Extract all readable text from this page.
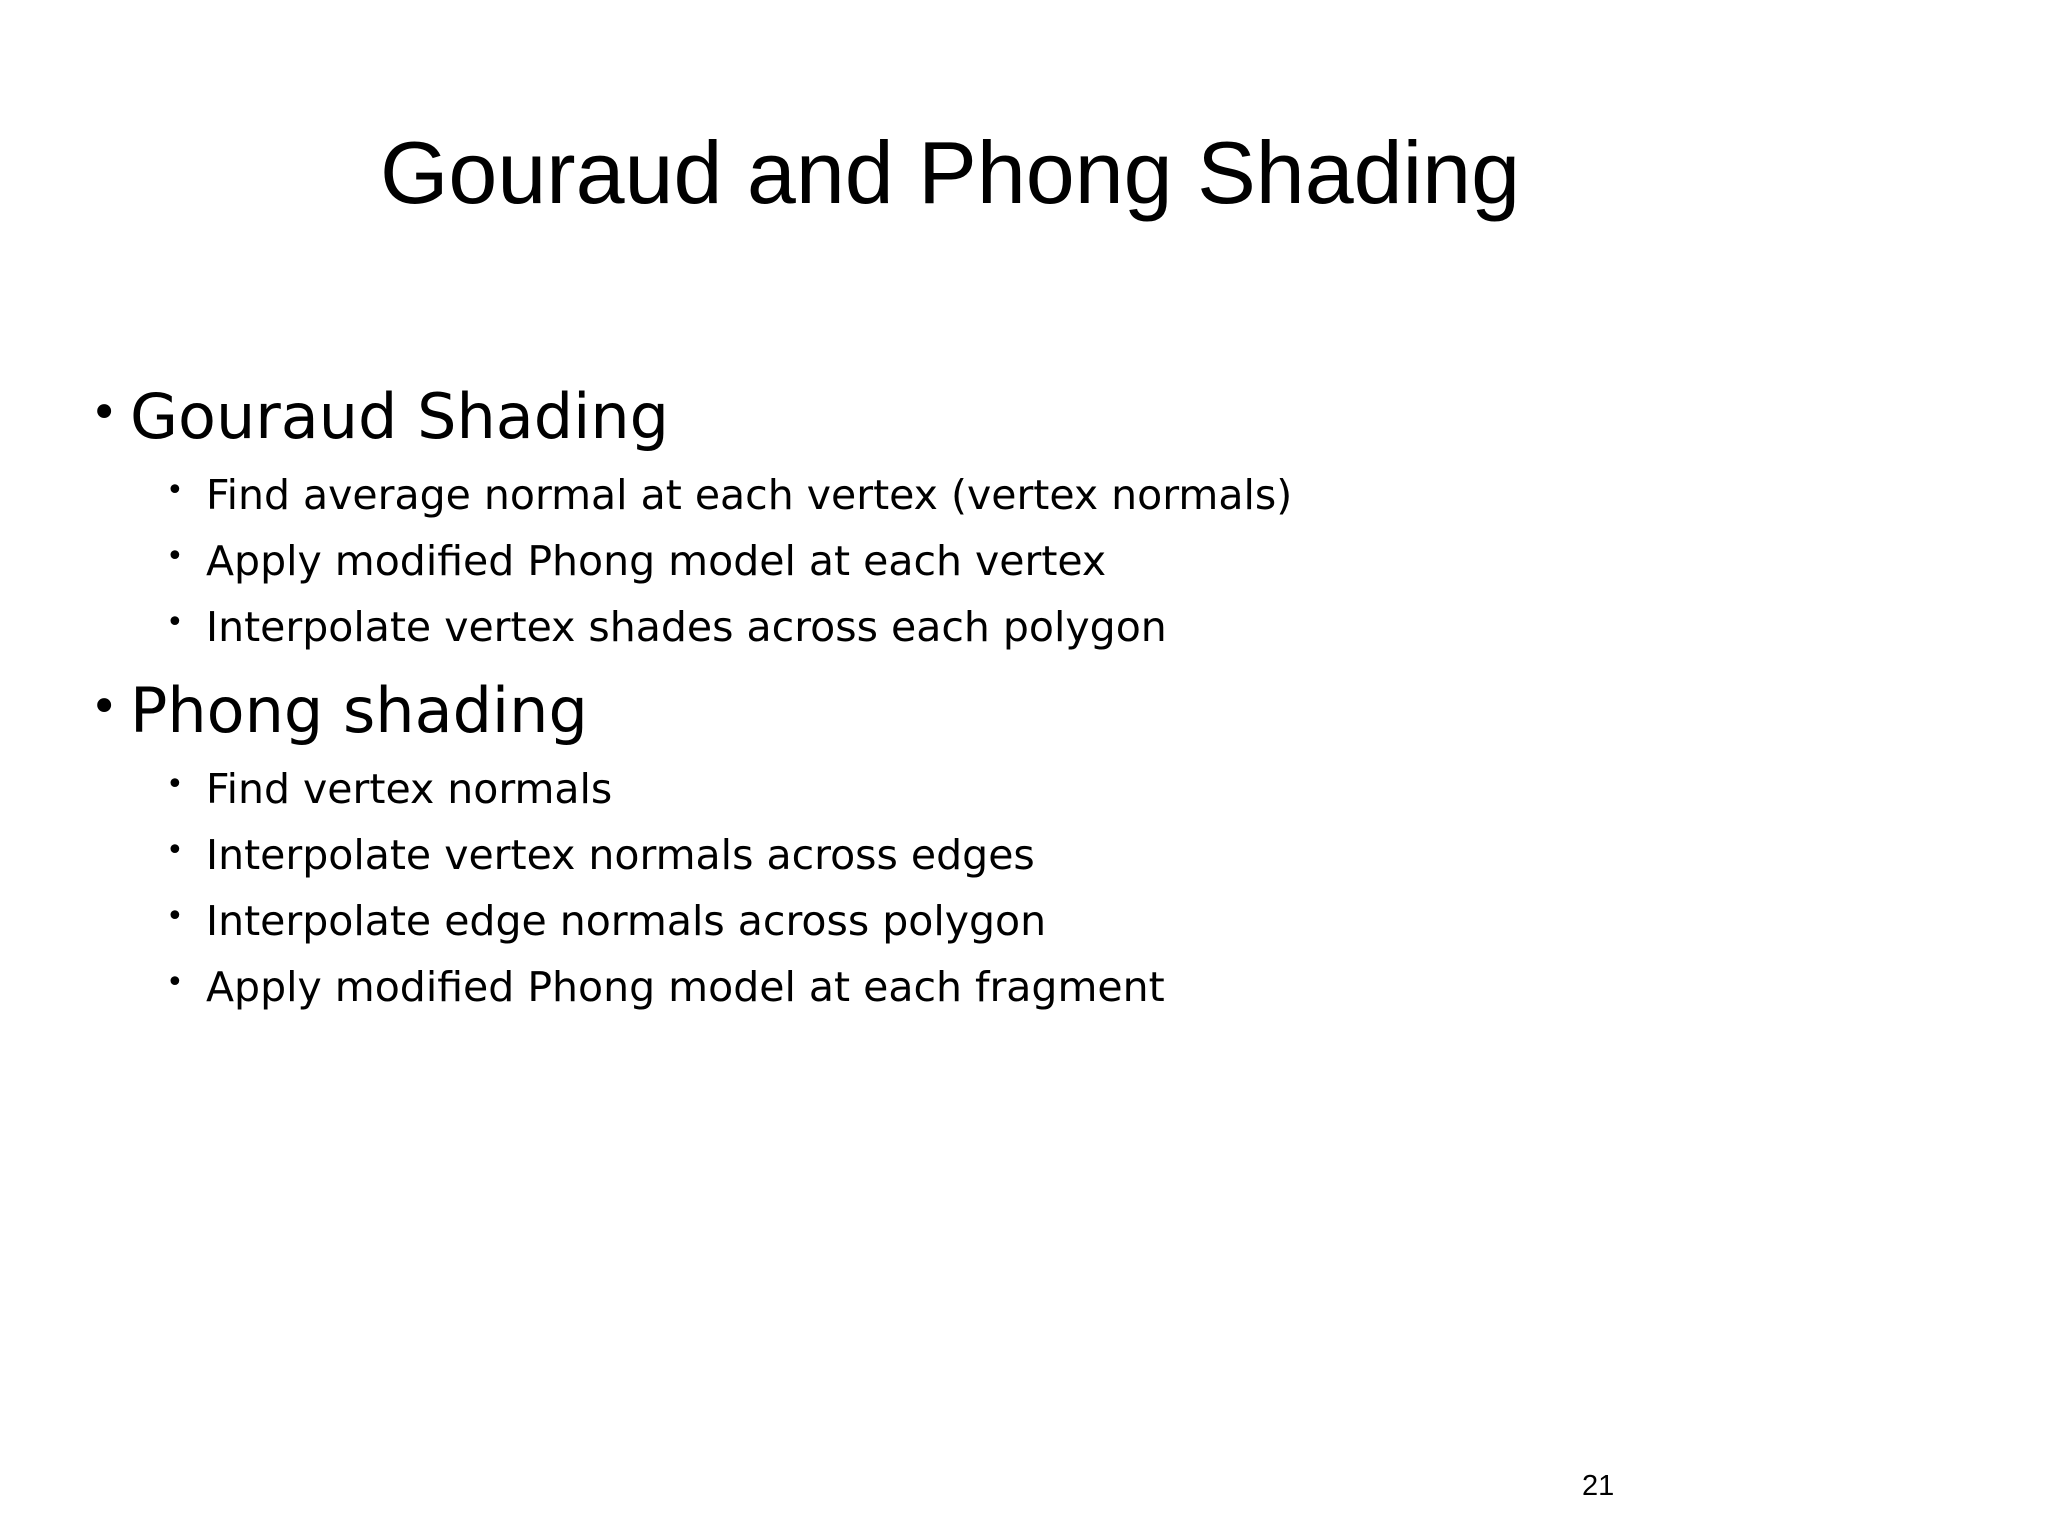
Gouraud and Phong Shading
• Gouraud Shading
• Find average normal at each vertex (vertex normals)
• Apply modified Phong model at each vertex
• Interpolate vertex shades across each polygon
• Phong shading
• Find vertex normals
• Interpolate vertex normals across edges
• Interpolate edge normals across polygon
• Apply modified Phong model at each fragment
21
